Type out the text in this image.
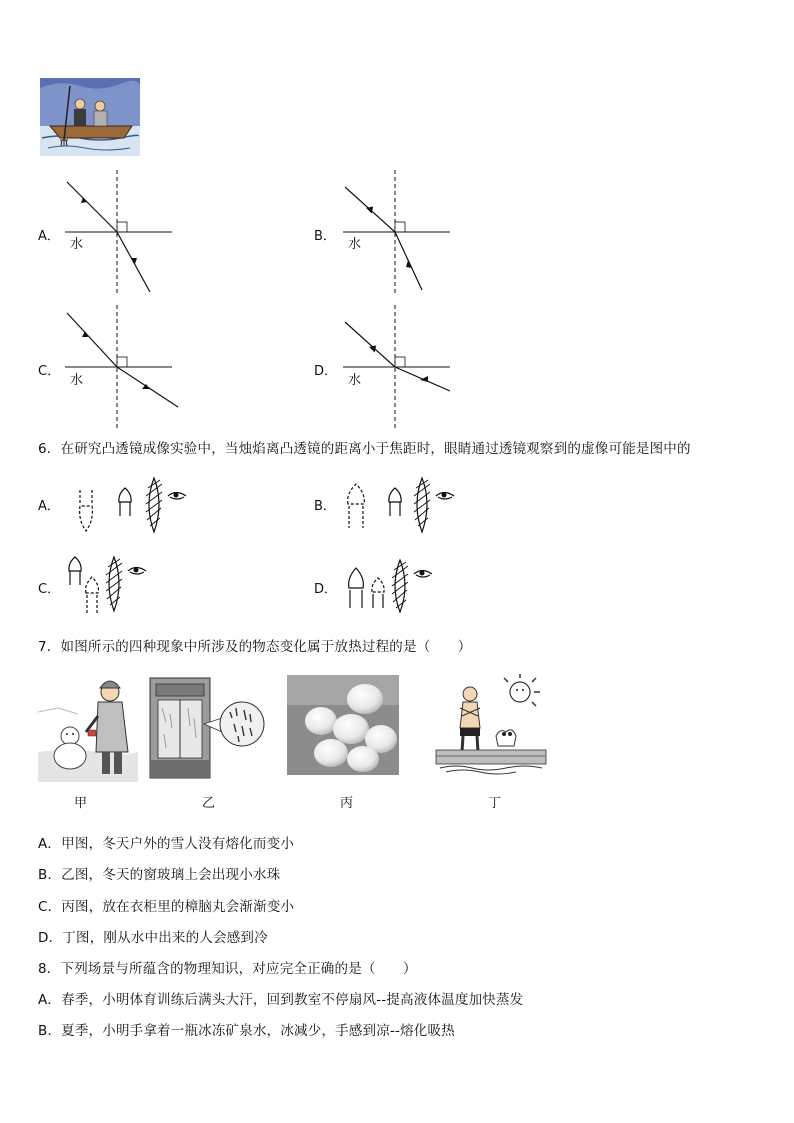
A．
水
B．
水
C．
水
D．
水
6．在研究凸透镜成像实验中，当烛焰离凸透镜的距离小于焦距时，眼睛通过透镜观察到的虚像可能是图中的
A．	B．
C．	D．
7．如图所示的四种现象中所涉及的物态变化属于放热过程的是（　　）
甲	乙	丙	丁
A．甲图，冬天户外的雪人没有熔化而变小
B．乙图，冬天的窗玻璃上会出现小水珠
C．丙图，放在衣柜里的樟脑丸会渐渐变小
D．丁图，刚从水中出来的人会感到冷
8．下列场景与所蕴含的物理知识，对应完全正确的是（　　）
A．春季，小明体育训练后满头大汗，回到教室不停扇风--提高液体温度加快蒸发
B．夏季，小明手拿着一瓶冰冻矿泉水，冰减少，手感到凉--熔化吸热
